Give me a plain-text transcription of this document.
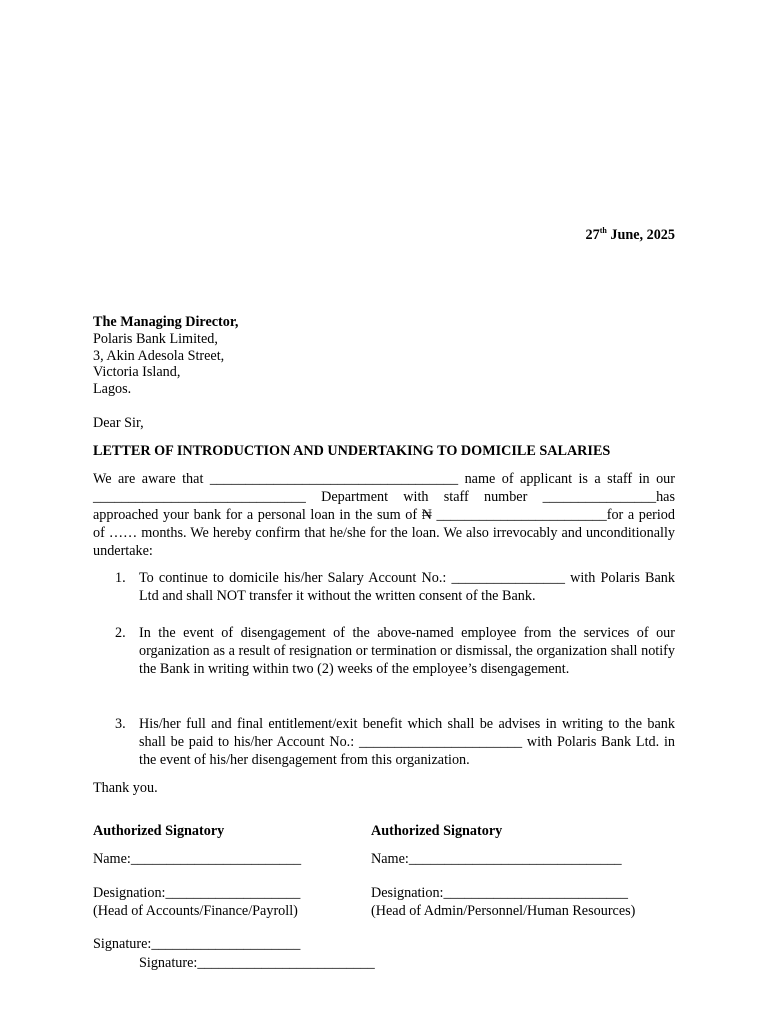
27th June, 2025
The Managing Director,
Polaris Bank Limited,
3, Akin Adesola Street,
Victoria Island,
Lagos.
Dear Sir,
LETTER OF INTRODUCTION AND UNDERTAKING TO DOMICILE SALARIES
We are aware that ___________________________________ name of applicant is a staff in our ______________________________ Department with staff number ________________has approached your bank for a personal loan in the sum of ₦ ________________________for a period of …… months. We hereby confirm that he/she for the loan. We also irrevocably and unconditionally undertake:
1. To continue to domicile his/her Salary Account No.: ________________ with Polaris Bank Ltd and shall NOT transfer it without the written consent of the Bank.
2. In the event of disengagement of the above-named employee from the services of our organization as a result of resignation or termination or dismissal, the organization shall notify the Bank in writing within two (2) weeks of the employee’s disengagement.
3. His/her full and final entitlement/exit benefit which shall be advises in writing to the bank shall be paid to his/her Account No.: _______________________ with Polaris Bank Ltd. in the event of his/her disengagement from this organization.
Thank you.
Authorized Signatory
Name:________________________
Designation:___________________
(Head of Accounts/Finance/Payroll)
Signature:_____________________
Authorized Signatory
Name:______________________________
Designation:__________________________
(Head of Admin/Personnel/Human Resources)
Signature:_________________________
